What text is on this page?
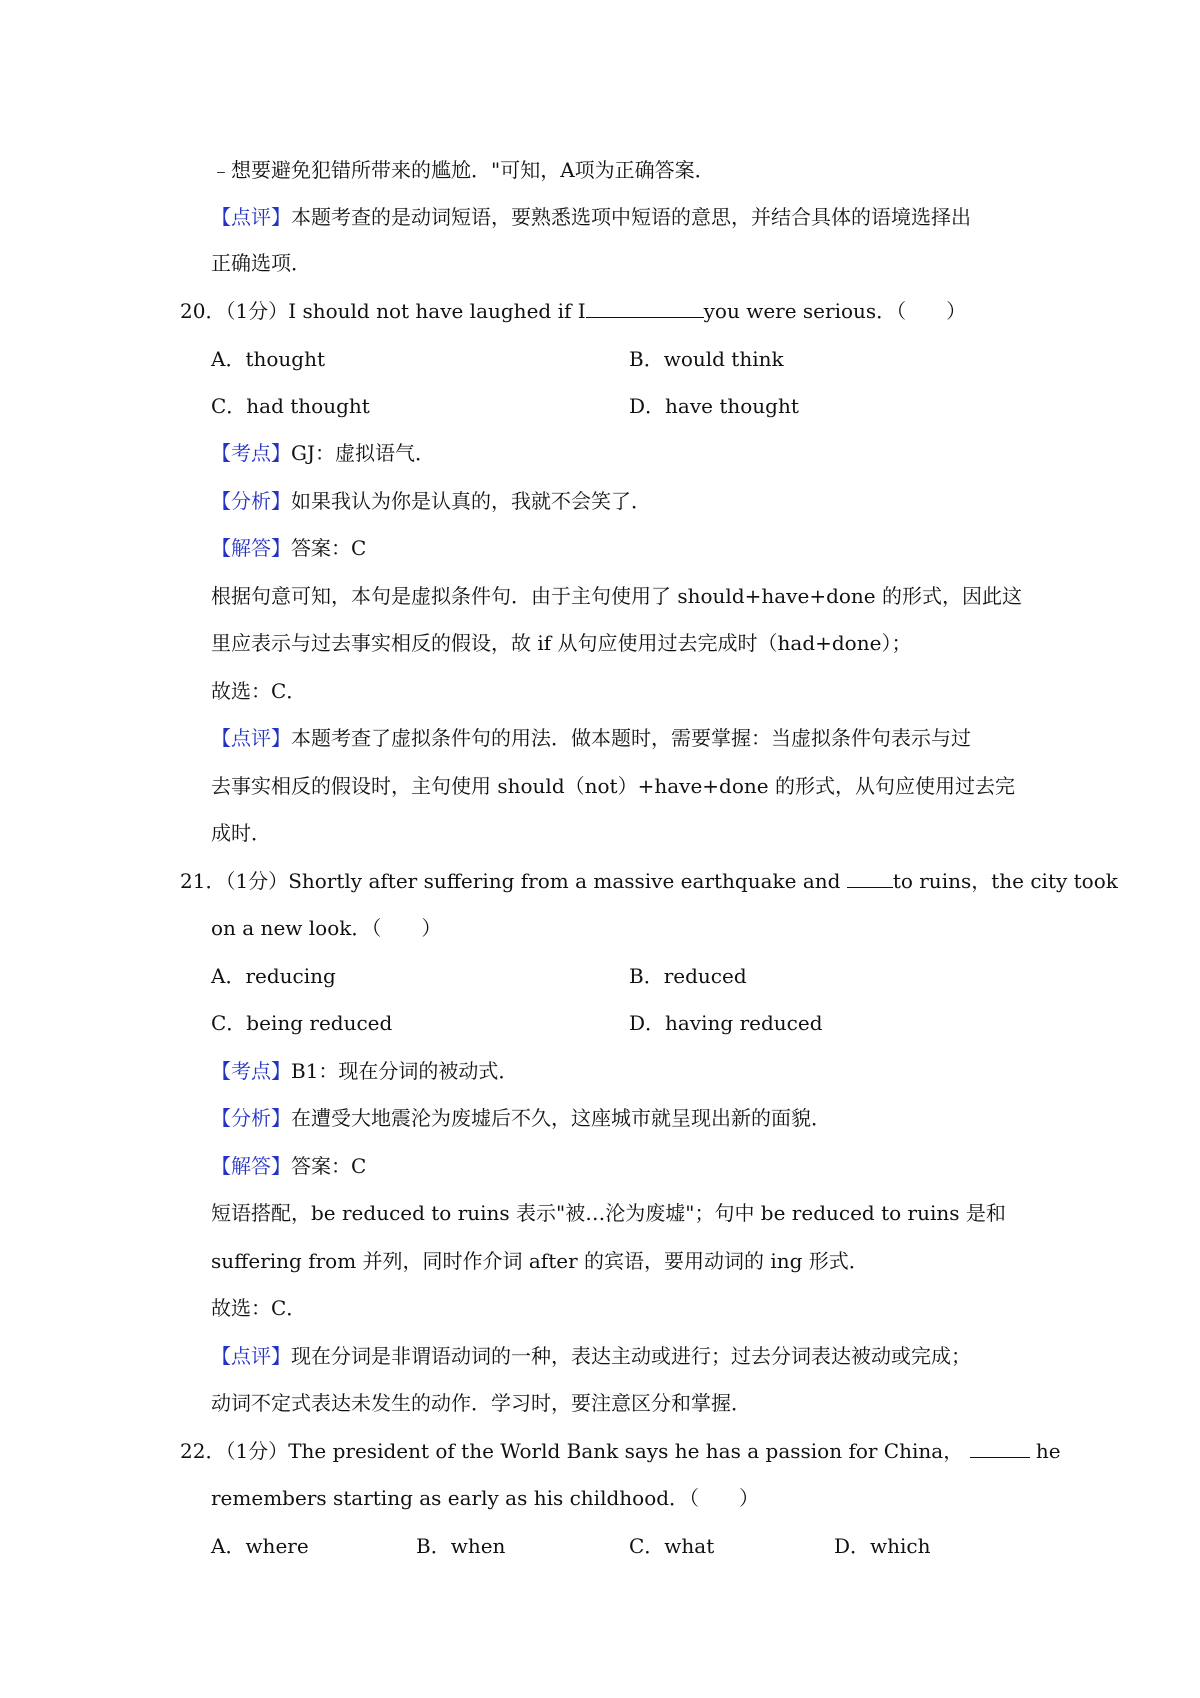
﹣想要避免犯错所带来的尴尬．"可知，A项为正确答案．
【点评】本题考查的是动词短语，要熟悉选项中短语的意思，并结合具体的语境选择出
正确选项．
20．（1分）I should not have laughed if I	you were serious．（　　）
A．thought	B．would think
C．had thought	D．have thought
【考点】GJ：虚拟语气．
【分析】如果我认为你是认真的，我就不会笑了．
【解答】答案：C
根据句意可知，本句是虚拟条件句．由于主句使用了 should+have+done 的形式，因此这
里应表示与过去事实相反的假设，故 if 从句应使用过去完成时（had+done）；
故选：C．
【点评】本题考查了虚拟条件句的用法．做本题时，需要掌握：当虚拟条件句表示与过
去事实相反的假设时，主句使用 should（not）+have+done 的形式，从句应使用过去完
成时．
21．（1分）Shortly after suffering from a massive earthquake and	to ruins，the city took
on a new look．（　　）
A．reducing	B．reduced
C．being reduced	D．having reduced
【考点】B1：现在分词的被动式．
【分析】在遭受大地震沦为废墟后不久，这座城市就呈现出新的面貌．
【解答】答案：C
短语搭配，be reduced to ruins 表示"被…沦为废墟"；句中 be reduced to ruins 是和
suffering from 并列，同时作介词 after 的宾语，要用动词的 ing 形式．
故选：C．
【点评】现在分词是非谓语动词的一种，表达主动或进行；过去分词表达被动或完成；
动词不定式表达未发生的动作．学习时，要注意区分和掌握．
22．（1分）The president of the World Bank says he has a passion for China，	he
remembers starting as early as his childhood．（　　）
A．where	B．when	C．what	D．which
